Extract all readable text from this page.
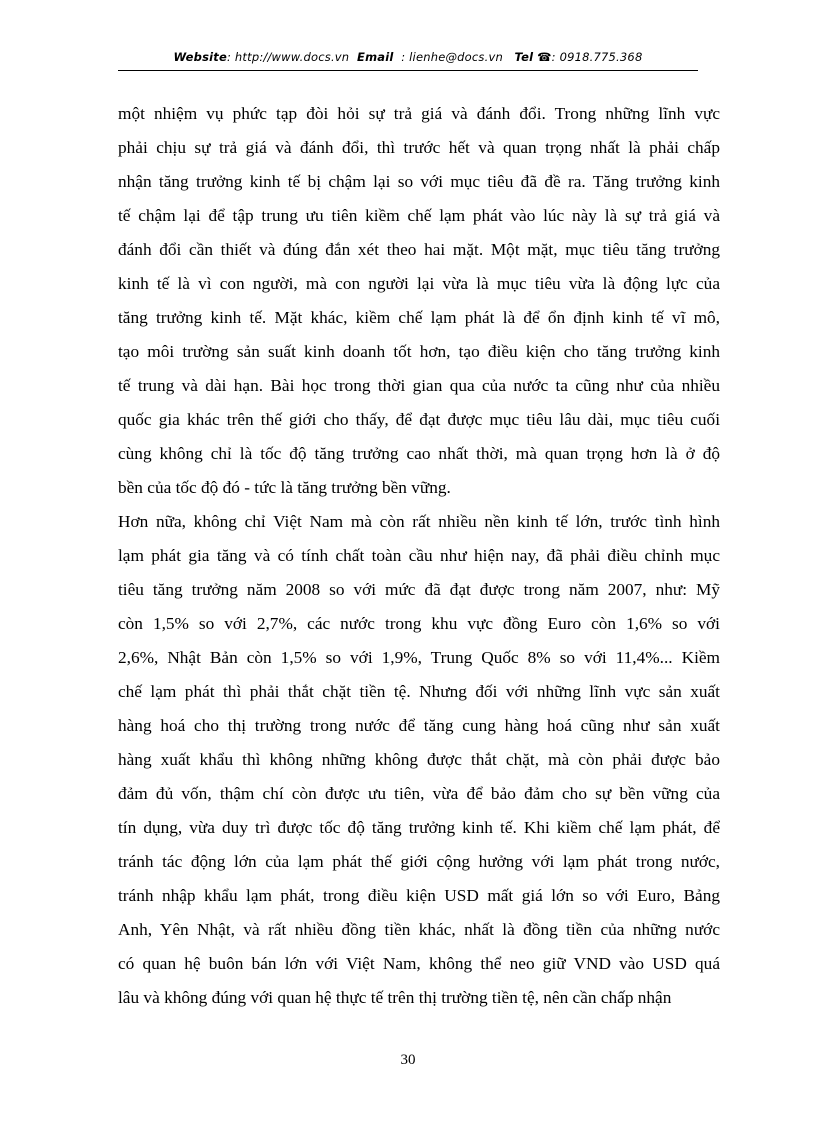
Website: http://www.docs.vn Email : lienhe@docs.vn Tel ☎: 0918.775.368
một nhiệm vụ phức tạp đòi hỏi sự trả giá và đánh đổi. Trong những lĩnh vực
phải chịu sự trả giá và đánh đổi, thì trước hết và quan trọng nhất là phải chấp
nhận tăng trưởng kinh tế bị chậm lại so với mục tiêu đã đề ra. Tăng trưởng kinh
tế chậm lại để tập trung ưu tiên kiềm chế lạm phát vào lúc này là sự trả giá và
đánh đổi cần thiết và đúng đắn xét theo hai mặt. Một mặt, mục tiêu tăng trưởng
kinh tế là vì con người, mà con người lại vừa là mục tiêu vừa là động lực của
tăng trưởng kinh tế. Mặt khác, kiềm chế lạm phát là để ổn định kinh tế vĩ mô,
tạo môi trường sản suất kinh doanh tốt hơn, tạo điều kiện cho tăng trưởng kinh
tế trung và dài hạn. Bài học trong thời gian qua của nước ta cũng như của nhiều
quốc gia khác trên thế giới cho thấy, để đạt được mục tiêu lâu dài, mục tiêu cuối
cùng không chỉ là tốc độ tăng trưởng cao nhất thời, mà quan trọng hơn là ở độ
bền của tốc độ đó - tức là tăng trưởng bền vững.
Hơn nữa, không chỉ Việt Nam mà còn rất nhiều nền kinh tế lớn, trước tình hình
lạm phát gia tăng và có tính chất toàn cầu như hiện nay, đã phải điều chỉnh mục
tiêu tăng trưởng năm 2008 so với mức đã đạt được trong năm 2007, như: Mỹ
còn 1,5% so với 2,7%, các nước trong khu vực đồng Euro còn 1,6% so với
2,6%, Nhật Bản còn 1,5% so với 1,9%, Trung Quốc 8% so với 11,4%... Kiềm
chế lạm phát thì phải thắt chặt tiền tệ. Nhưng đối với những lĩnh vực sản xuất
hàng hoá cho thị trường trong nước để tăng cung hàng hoá cũng như sản xuất
hàng xuất khẩu thì không những không được thắt chặt, mà còn phải được bảo
đảm đủ vốn, thậm chí còn được ưu tiên, vừa để bảo đảm cho sự bền vững của
tín dụng, vừa duy trì được tốc độ tăng trưởng kinh tế. Khi kiềm chế lạm phát, để
tránh tác động lớn của lạm phát thế giới cộng hưởng với lạm phát trong nước,
tránh nhập khẩu lạm phát, trong điều kiện USD mất giá lớn so với Euro, Bảng
Anh, Yên Nhật, và rất nhiều đồng tiền khác, nhất là đồng tiền của những nước
có quan hệ buôn bán lớn với Việt Nam, không thể neo giữ VND vào USD quá
lâu và không đúng với quan hệ thực tế trên thị trường tiền tệ, nên cần chấp nhận
30
